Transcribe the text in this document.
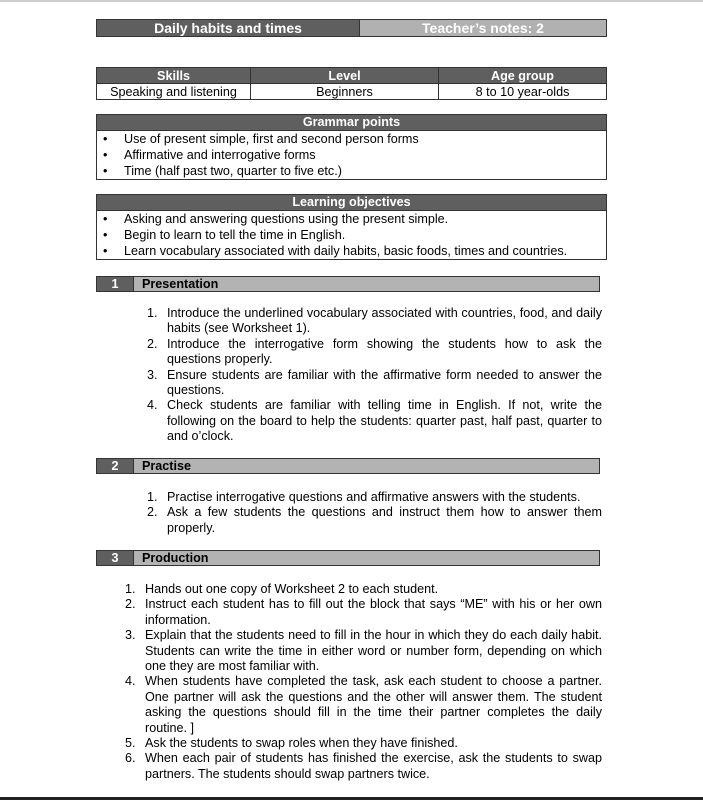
Daily habits and times	Teacher’s notes: 2
Skills	Level	Age group
Speaking and listening	Beginners	8 to 10 year-olds
Grammar points
• Use of present simple, first and second person forms
• Affirmative and interrogative forms
• Time (half past two, quarter to five etc.)
Learning objectives
• Asking and answering questions using the present simple.
• Begin to learn to tell the time in English.
• Learn vocabulary associated with daily habits, basic foods, times and countries.
1	Presentation
1. Introduce the underlined vocabulary associated with countries, food, and daily habits (see Worksheet 1).
2. Introduce the interrogative form showing the students how to ask the questions properly.
3. Ensure students are familiar with the affirmative form needed to answer the questions.
4. Check students are familiar with telling time in English. If not, write the following on the board to help the students: quarter past, half past, quarter to and o’clock.
2	Practise
1. Practise interrogative questions and affirmative answers with the students.
2. Ask a few students the questions and instruct them how to answer them properly.
3	Production
1. Hands out one copy of Worksheet 2 to each student.
2. Instruct each student has to fill out the block that says “ME” with his or her own information.
3. Explain that the students need to fill in the hour in which they do each daily habit. Students can write the time in either word or number form, depending on which one they are most familiar with.
4. When students have completed the task, ask each student to choose a partner. One partner will ask the questions and the other will answer them. The student asking the questions should fill in the time their partner completes the daily routine. ]
5. Ask the students to swap roles when they have finished.
6. When each pair of students has finished the exercise, ask the students to swap partners. The students should swap partners twice.
